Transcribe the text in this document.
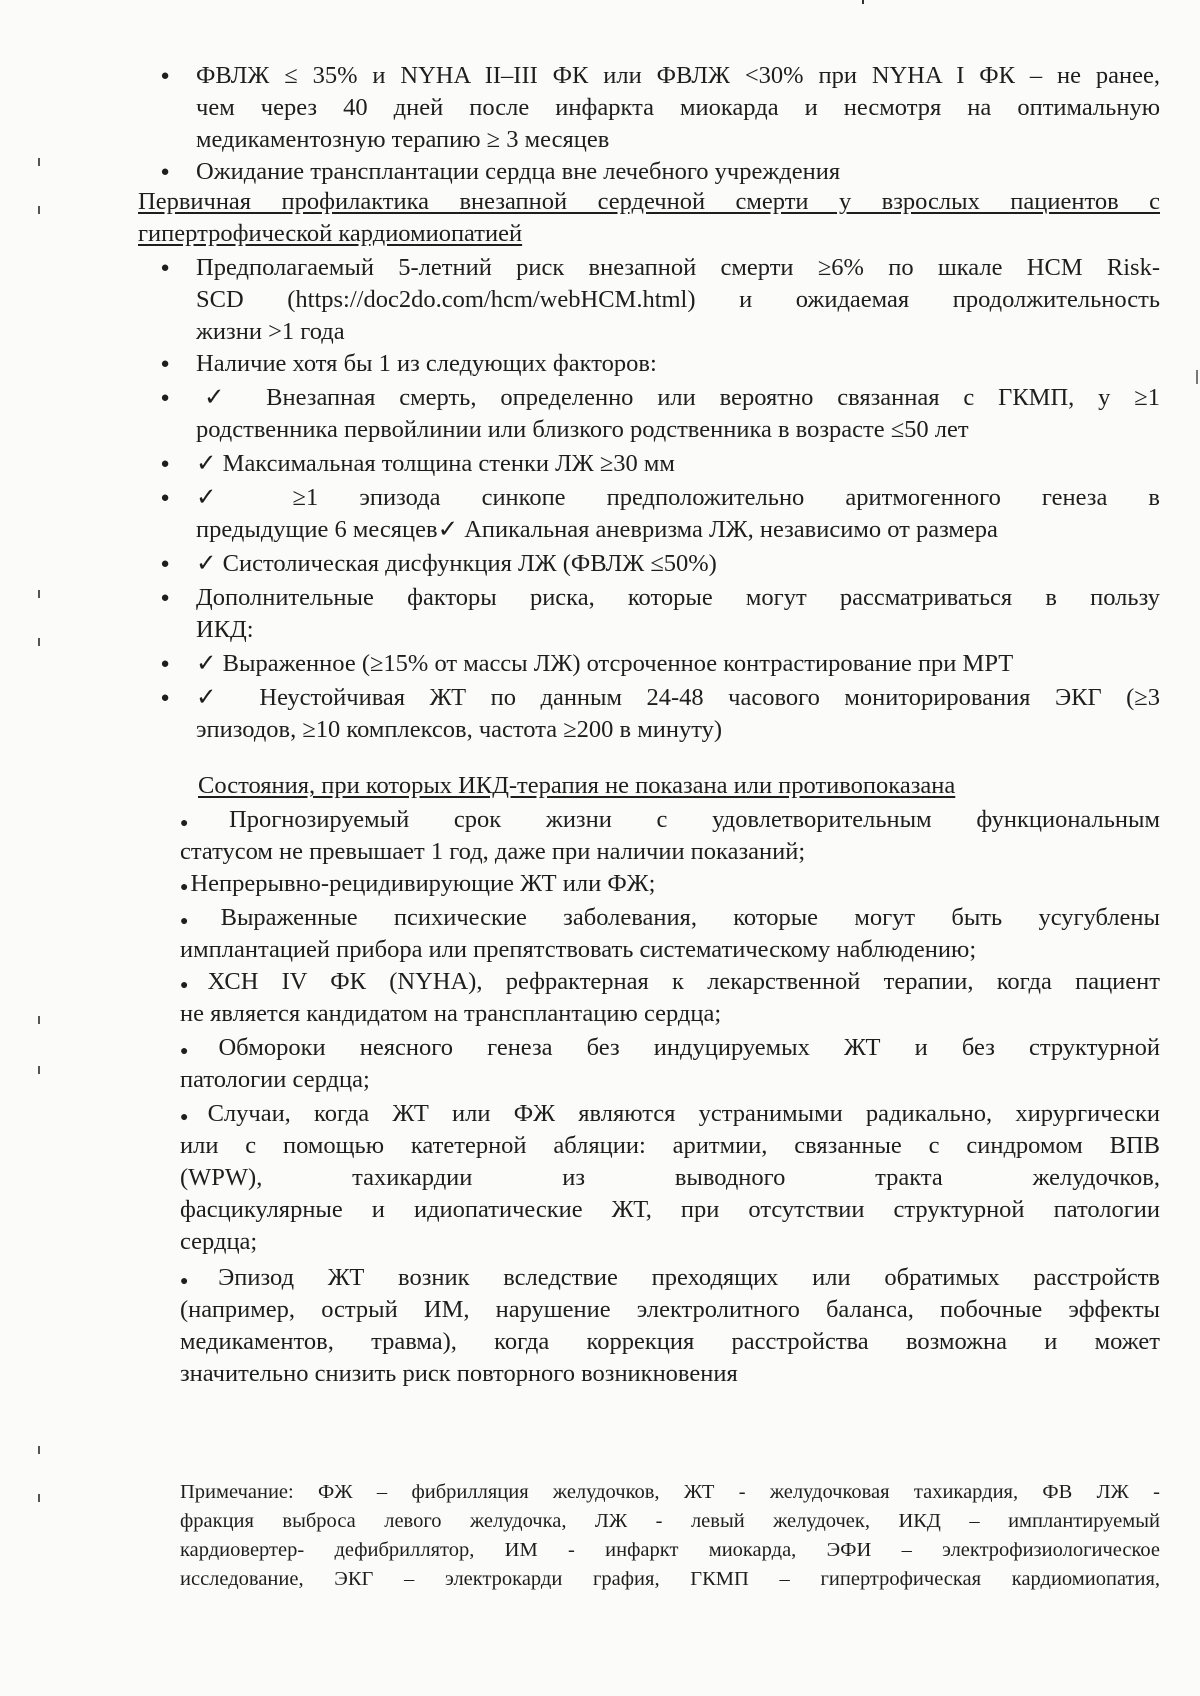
● ФВЛЖ ≤ 35% и NYHA II–III ФК или ФВЛЖ <30% при NYHA I ФК – не ранее,
чем через 40 дней после инфаркта миокарда и несмотря на оптимальную
медикаментозную терапию ≥ 3 месяцев
● Ожидание трансплантации сердца вне лечебного учреждения
Первичная профилактика внезапной сердечной смерти у взрослых пациентов с
гипертрофической кардиомиопатией
● Предполагаемый 5-летний риск внезапной смерти ≥6% по шкале HCM Risk-
SCD (https://doc2do.com/hcm/webHCM.html) и ожидаемая продолжительность
жизни >1 года
● Наличие хотя бы 1 из следующих факторов:
● ✓ Внезапная смерть, определенно или вероятно связанная с ГКМП, у ≥1
родственника первойлинии или близкого родственника в возрасте ≤50 лет
● ✓ Максимальная толщина стенки ЛЖ ≥30 мм
● ✓ ≥1 эпизода синкопе предположительно аритмогенного генеза в
предыдущие 6 месяцев✓ Апикальная аневризма ЛЖ, независимо от размера
● ✓ Систолическая дисфункция ЛЖ (ФВЛЖ ≤50%)
● Дополнительные факторы риска, которые могут рассматриваться в пользу
ИКД:
● ✓ Выраженное (≥15% от массы ЛЖ) отсроченное контрастирование при МРТ
● ✓ Неустойчивая ЖТ по данным 24-48 часового мониторирования ЭКГ (≥3
эпизодов, ≥10 комплексов, частота ≥200 в минуту)
Состояния, при которых ИКД-терапия не показана или противопоказана
●Прогнозируемый срок жизни с удовлетворительным функциональным
статусом не превышает 1 год, даже при наличии показаний;
●Непрерывно-рецидивирующие ЖТ или ФЖ;
●Выраженные психические заболевания, которые могут быть усугублены
имплантацией прибора или препятствовать систематическому наблюдению;
●ХСН IV ФК (NYHA), рефрактерная к лекарственной терапии, когда пациент
не является кандидатом на трансплантацию сердца;
●Обмороки неясного генеза без индуцируемых ЖТ и без структурной
патологии сердца;
●Случаи, когда ЖТ или ФЖ являются устранимыми радикально, хирургически
или с помощью катетерной абляции: аритмии, связанные с синдромом ВПВ
(WPW), тахикардии из выводного тракта желудочков,
фасцикулярные и идиопатические ЖТ, при отсутствии структурной патологии
сердца;
●Эпизод ЖТ возник вследствие преходящих или обратимых расстройств
(например, острый ИМ, нарушение электролитного баланса, побочные эффекты
медикаментов, травма), когда коррекция расстройства возможна и может
значительно снизить риск повторного возникновения
Примечание: ФЖ – фибрилляция желудочков, ЖТ - желудочковая тахикардия, ФВ ЛЖ -
фракция выброса левого желудочка, ЛЖ - левый желудочек, ИКД – имплантируемый
кардиовертер- дефибриллятор, ИМ - инфаркт миокарда, ЭФИ – электрофизиологическое
исследование, ЭКГ – электрокарди графия, ГКМП – гипертрофическая кардиомиопатия,
